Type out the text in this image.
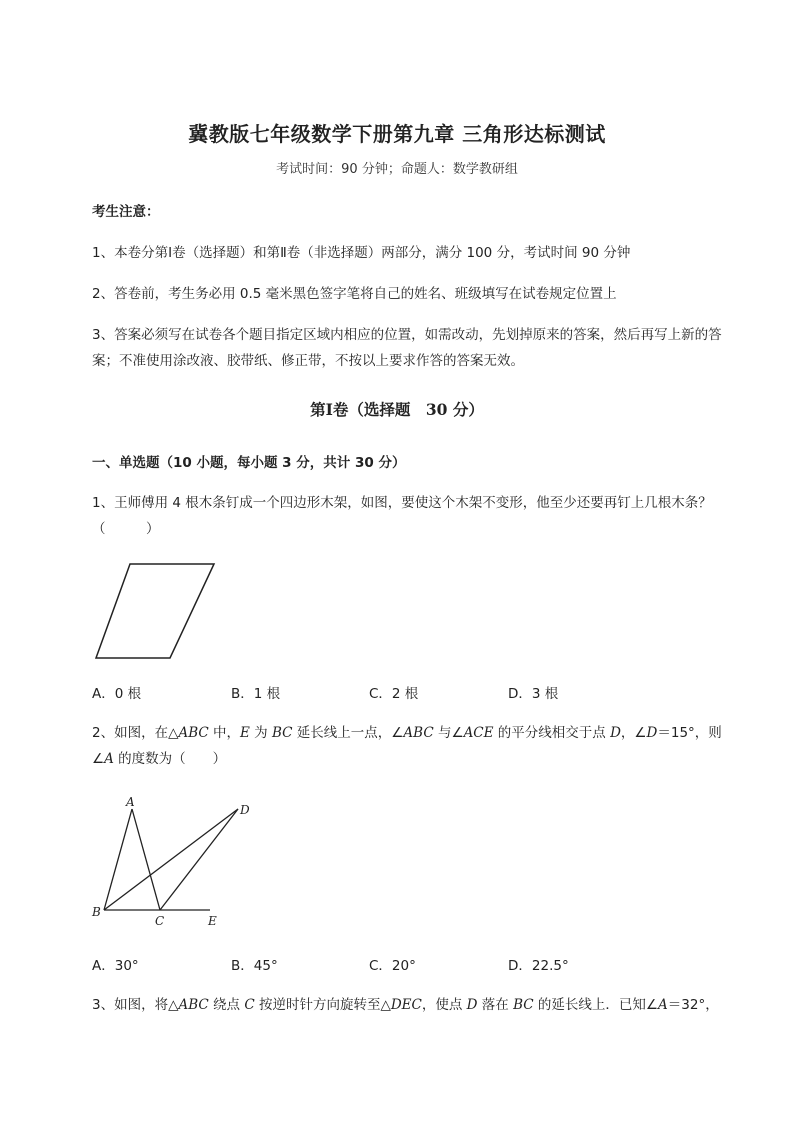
冀教版七年级数学下册第九章 三角形达标测试
考试时间：90 分钟；命题人：数学教研组
考生注意：
1、本卷分第Ⅰ卷（选择题）和第Ⅱ卷（非选择题）两部分，满分 100 分，考试时间 90 分钟
2、答卷前，考生务必用 0.5 毫米黑色签字笔将自己的姓名、班级填写在试卷规定位置上
3、答案必须写在试卷各个题目指定区域内相应的位置，如需改动，先划掉原来的答案，然后再写上新的答案；不准使用涂改液、胶带纸、修正带，不按以上要求作答的答案无效。
第Ⅰ卷（选择题　30 分）
一、单选题（10 小题，每小题 3 分，共计 30 分）
1、王师傅用 4 根木条钉成一个四边形木架，如图，要使这个木架不变形，他至少还要再钉上几根木条？（　　　）
A．0 根	B．1 根	C．2 根	D．3 根
2、如图，在△ABC 中，E 为 BC 延长线上一点，∠ABC 与∠ACE 的平分线相交于点 D，∠D＝15°，则∠A 的度数为（　　）
A
B
C
D
E
A．30°	B．45°	C．20°	D．22.5°
3、如图，将△ABC 绕点 C 按逆时针方向旋转至△DEC，使点 D 落在 BC 的延长线上．已知∠A＝32°，
